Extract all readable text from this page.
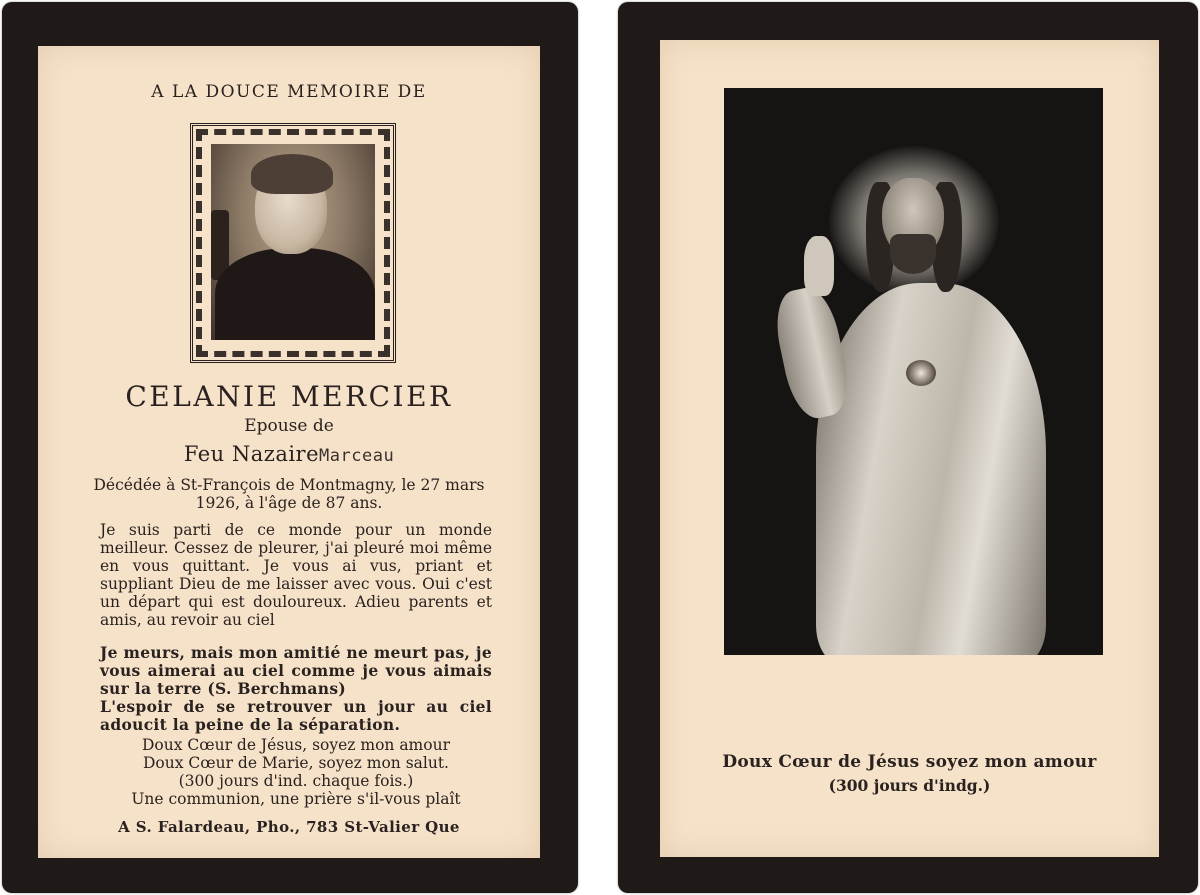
A LA DOUCE MEMOIRE DE
CELANIE MERCIER
Epouse de
Feu NazaireMarceau
Décédée à St-François de Montmagny, le 27 mars 1926, à l'âge de 87 ans.

Je suis parti de ce monde pour un monde meilleur. Cessez de pleurer, j'ai pleuré moi même en vous quittant. Je vous ai vus, priant et suppliant Dieu de me laisser avec vous. Oui c'est un départ qui est douloureux. Adieu parents et amis, au revoir au ciel

Je meurs, mais mon amitié ne meurt pas, je vous aimerai au ciel comme je vous aimais sur la terre (S. Berchmans)

L'espoir de se retrouver un jour au ciel adoucit la peine de la séparation.

Doux Cœur de Jésus, soyez mon amour

Doux Cœur de Marie, soyez mon salut.

(300 jours d'ind. chaque fois.)

Une communion, une prière s'il-vous plaît

A S. Falardeau, Pho., 783 St-Valier Que
Doux Cœur de Jésus soyez mon amour
(300 jours d'indg.)
